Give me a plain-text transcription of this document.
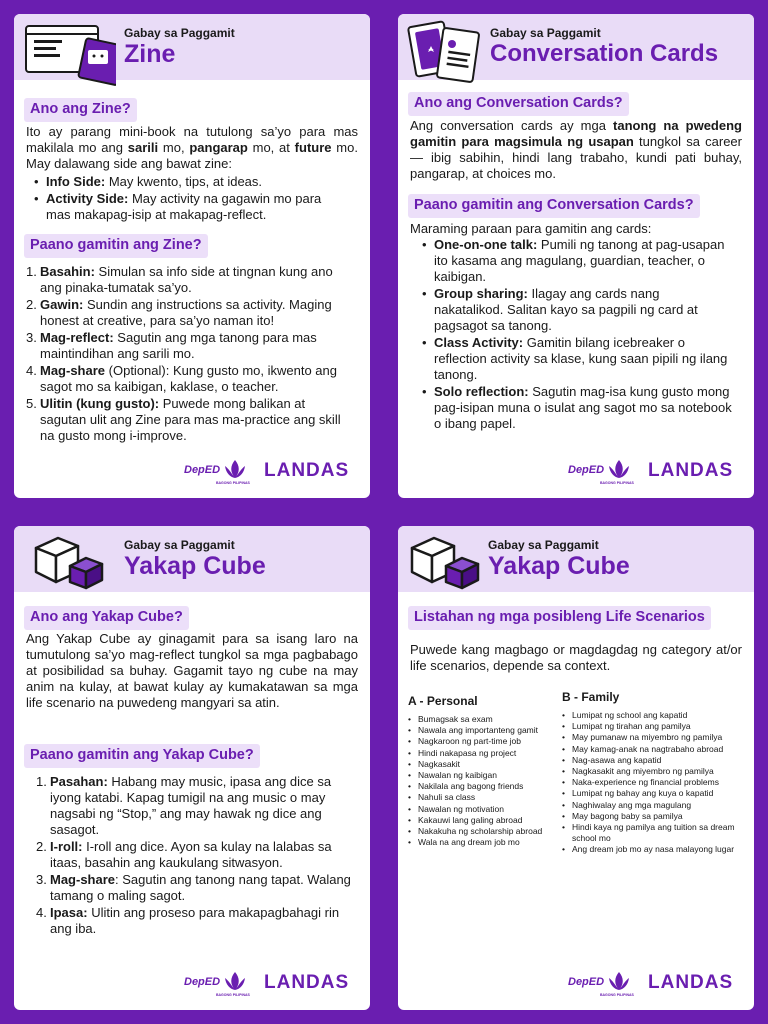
Gabay sa Paggamit
Zine
Ano ang Zine?
Ito ay parang mini-book na tutulong sa’yo para mas makilala mo ang sarili mo, pangarap mo, at future mo. May dalawang side ang bawat zine:
• Info Side: May kwento, tips, at ideas.
• Activity Side: May activity na gagawin mo para mas makapag-isip at makapag-reflect.
Paano gamitin ang Zine?
1. Basahin: Simulan sa info side at tingnan kung ano ang pinaka-tumatak sa’yo.
2. Gawin: Sundin ang instructions sa activity. Maging honest at creative, para sa’yo naman ito!
3. Mag-reflect: Sagutin ang mga tanong para mas maintindihan ang sarili mo.
4. Mag-share (Optional): Kung gusto mo, ikwento ang sagot mo sa kaibigan, kaklase, o teacher.
5. Ulitin (kung gusto): Puwede mong balikan at sagutan ulit ang Zine para mas ma-practice ang skill na gusto mong i-improve.
DepED
BAGONG PILIPINAS
LANDAS
Gabay sa Paggamit
Conversation Cards
Ano ang Conversation Cards?
Ang conversation cards ay mga tanong na pwedeng gamitin para magsimula ng usapan tungkol sa career — ibig sabihin, hindi lang trabaho, kundi pati buhay, pangarap, at choices mo.
Paano gamitin ang Conversation Cards?
Maraming paraan para gamitin ang cards:
• One-on-one talk: Pumili ng tanong at pag-usapan ito kasama ang magulang, guardian, teacher, o kaibigan.
• Group sharing: Ilagay ang cards nang nakatalikod. Salitan kayo sa pagpili ng card at pagsagot sa tanong.
• Class Activity: Gamitin bilang icebreaker o reflection activity sa klase, kung saan pipili ng ilang tanong.
• Solo reflection: Sagutin mag-isa kung gusto mong pag-isipan muna o isulat ang sagot mo sa notebook o ibang papel.
DepED
BAGONG PILIPINAS
LANDAS
Gabay sa Paggamit
Yakap Cube
Ano ang Yakap Cube?
Ang Yakap Cube ay ginagamit para sa isang laro na tumutulong sa’yo mag-reflect tungkol sa mga pagbabago at posibilidad sa buhay. Gagamit tayo ng cube na may anim na kulay, at bawat kulay ay kumakatawan sa mga life scenario na puwedeng mangyari sa atin.
Paano gamitin ang Yakap Cube?
1. Pasahan: Habang may music, ipasa ang dice sa iyong katabi. Kapag tumigil na ang music o may nagsabi ng “Stop,” ang may hawak ng dice ang sasagot.
2. I-roll: I-roll ang dice. Ayon sa kulay na lalabas sa itaas, basahin ang kaukulang sitwasyon.
3. Mag-share: Sagutin ang tanong nang tapat. Walang tamang o maling sagot.
4. Ipasa: Ulitin ang proseso para makapagbahagi rin ang iba.
DepED
BAGONG PILIPINAS
LANDAS
Gabay sa Paggamit
Yakap Cube
Listahan ng mga posibleng Life Scenarios
Puwede kang magbago or magdagdag ng category at/or life scenarios, depende sa context.
A - Personal
• Bumagsak sa exam
• Nawala ang importanteng gamit
• Nagkaroon ng part-time job
• Hindi nakapasa ng project
• Nagkasakit
• Nawalan ng kaibigan
• Nakilala ang bagong friends
• Nahuli sa class
• Nawalan ng motivation
• Kakauwi lang galing abroad
• Nakakuha ng scholarship abroad
• Wala na ang dream job mo
B - Family
• Lumipat ng school ang kapatid
• Lumipat ng tirahan ang pamilya
• May pumanaw na miyembro ng pamilya
• May kamag-anak na nagtrabaho abroad
• Nag-asawa ang kapatid
• Nagkasakit ang miyembro ng pamilya
• Naka-experience ng financial problems
• Lumipat ng bahay ang kuya o kapatid
• Naghiwalay ang mga magulang
• May bagong baby sa pamilya
• Hindi kaya ng pamilya ang tuition sa dream school mo
• Ang dream job mo ay nasa malayong lugar
DepED
BAGONG PILIPINAS
LANDAS
